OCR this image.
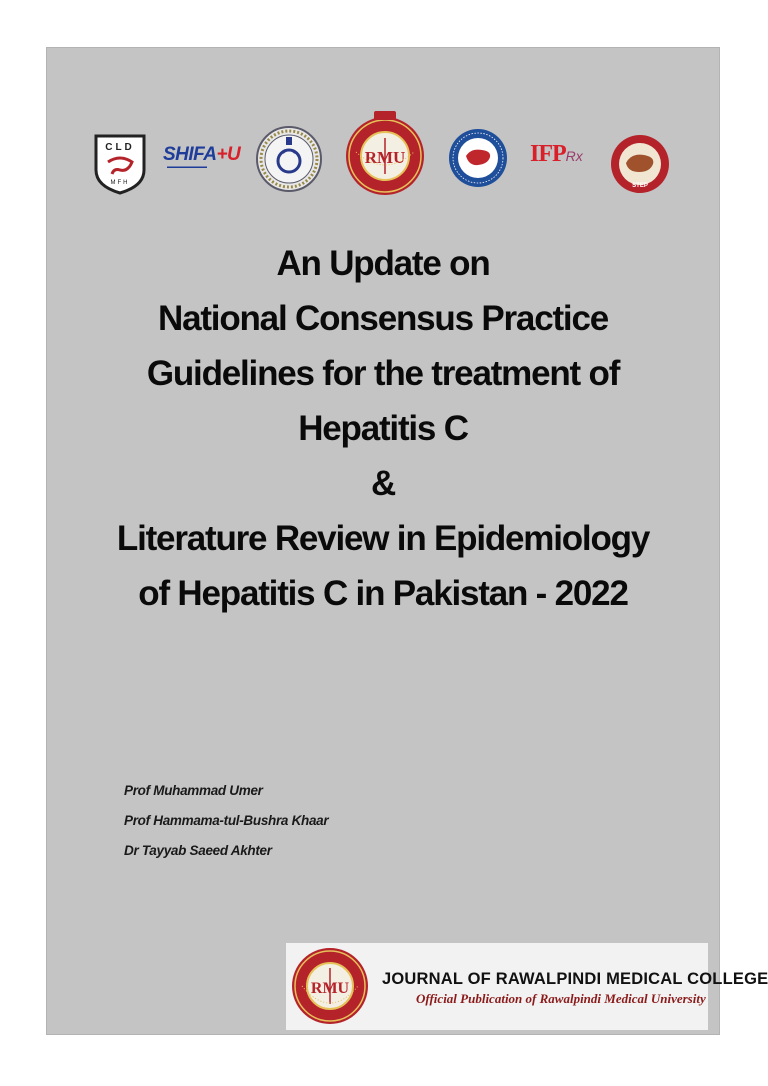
CLD
MFH
SHIFA+U
▬▬▬▬▬▬▬▬	RMU	IFPRx
STEP
An Update on
National Consensus Practice
Guidelines for the treatment of
Hepatitis C
&
Literature Review in Epidemiology
of Hepatitis C in Pakistan - 2022
Prof Muhammad Umer
Prof Hammama-tul-Bushra Khaar
Dr Tayyab Saeed Akhter
RMU
JOURNAL OF RAWALPINDI MEDICAL COLLEGE
Official Publication of Rawalpindi Medical University
